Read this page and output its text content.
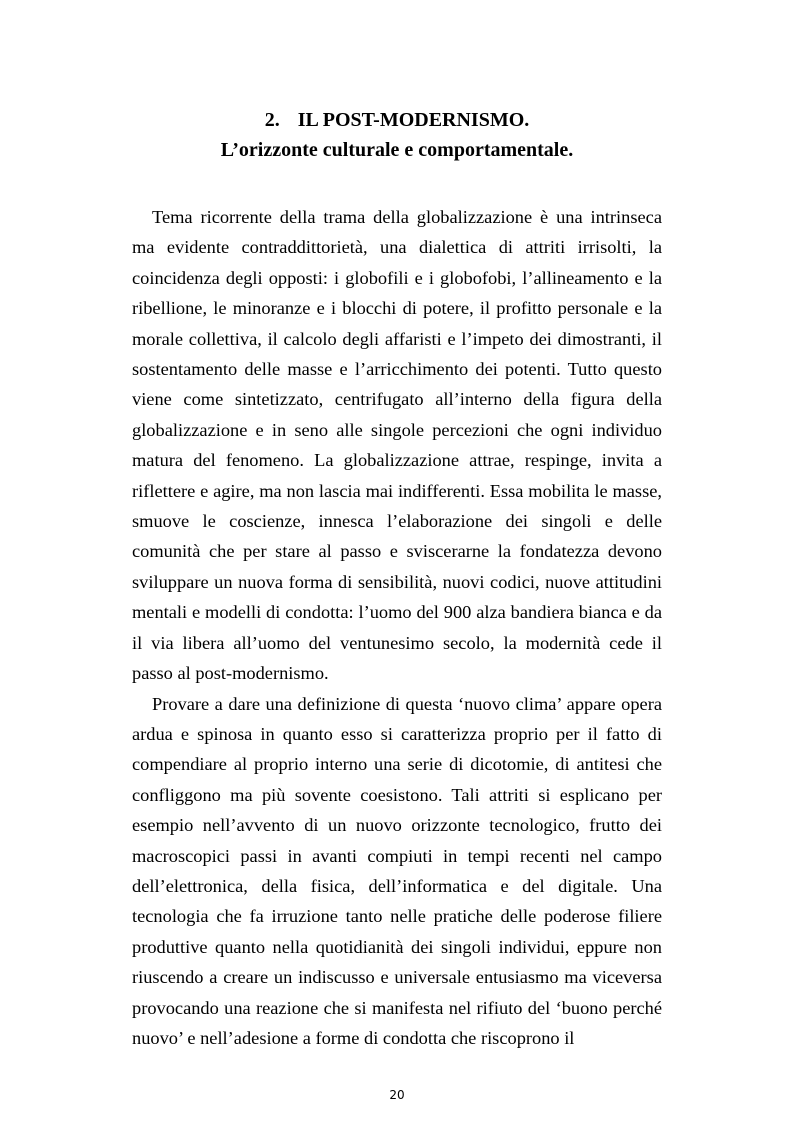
2. IL POST-MODERNISMO.
L’orizzonte culturale e comportamentale.

Tema ricorrente della trama della globalizzazione è una intrinseca ma evidente contraddittorietà, una dialettica di attriti irrisolti, la coincidenza degli opposti: i globofili e i globofobi, l’allineamento e la ribellione, le minoranze e i blocchi di potere, il profitto personale e la morale collettiva, il calcolo degli affaristi e l’impeto dei dimostranti, il sostentamento delle masse e l’arricchimento dei potenti. Tutto questo viene come sintetizzato, centrifugato all’interno della figura della globalizzazione e in seno alle singole percezioni che ogni individuo matura del fenomeno. La globalizzazione attrae, respinge, invita a riflettere e agire, ma non lascia mai indifferenti. Essa mobilita le masse, smuove le coscienze, innesca l’elaborazione dei singoli e delle comunità che per stare al passo e sviscerarne la fondatezza devono sviluppare un nuova forma di sensibilità, nuovi codici, nuove attitudini mentali e modelli di condotta: l’uomo del 900 alza bandiera bianca e da il via libera all’uomo del ventunesimo secolo, la modernità cede il passo al post-modernismo.

Provare a dare una definizione di questa ‘nuovo clima’ appare opera ardua e spinosa in quanto esso si caratterizza proprio per il fatto di compendiare al proprio interno una serie di dicotomie, di antitesi che confliggono ma più sovente coesistono. Tali attriti si esplicano per esempio nell’avvento di un nuovo orizzonte tecnologico, frutto dei macroscopici passi in avanti compiuti in tempi recenti nel campo dell’elettronica, della fisica, dell’informatica e del digitale. Una tecnologia che fa irruzione tanto nelle pratiche delle poderose filiere produttive quanto nella quotidianità dei singoli individui, eppure non riuscendo a creare un indiscusso e universale entusiasmo ma viceversa provocando una reazione che si manifesta nel rifiuto del ‘buono perché nuovo’ e nell’adesione a forme di condotta che riscoprono il

20
